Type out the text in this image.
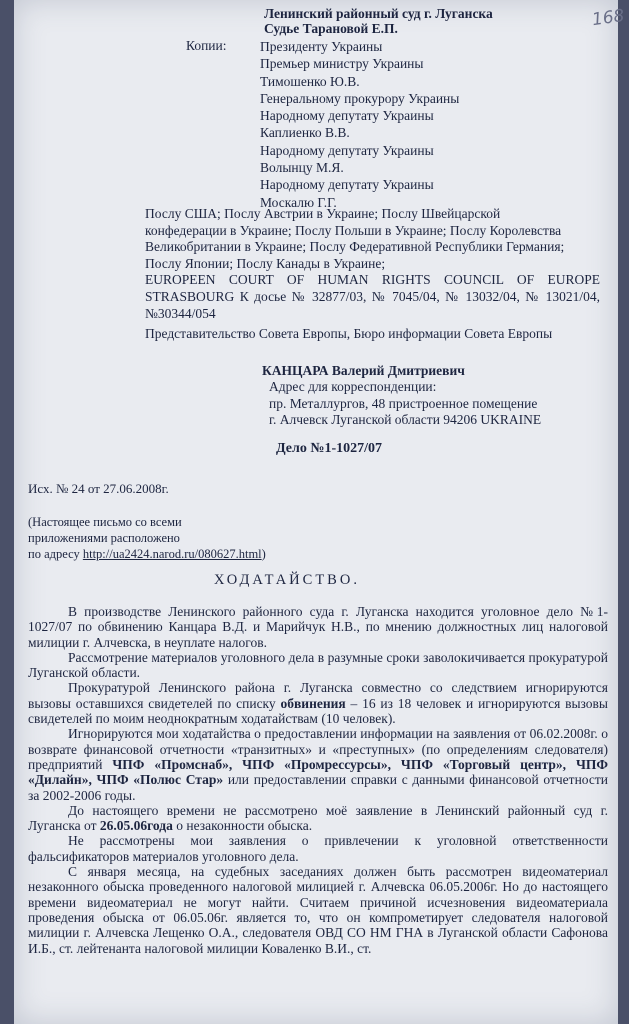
168
Ленинский районный суд г. Луганска
Судье Тарановой Е.П.
Копии: Президенту Украины
Премьер министру Украины
Тимошенко Ю.В.
Генеральному прокурору Украины
Народному депутату Украины
Каплиенко В.В.
Народному депутату Украины
Волынцу М.Я.
Народному депутату Украины
Москалю Г.Г.
Послу США; Послу Австрии в Украине; Послу Швейцарской
конфедерации в Украине; Послу Польши в Украине; Послу Королевства
Великобритании в Украине; Послу Федеративной Республики Германия;
Послу Японии; Послу Канады в Украине;
EUROPEEN COURT OF HUMAN RIGHTS COUNCIL OF EUROPE
STRASBOURG К досье № 32877/03, № 7045/04, № 13032/04, № 13021/04,
№30344/054
Представительство Совета Европы, Бюро информации Совета Европы
КАНЦАРА Валерий Дмитриевич
Адрес для корреспонденции:
пр. Металлургов, 48 пристроенное помещение
г. Алчевск Луганской области 94206 UKRAINE
Дело №1-1027/07
Исх. № 24 от 27.06.2008г.
(Настоящее письмо со всеми
приложениями расположено
по адресу http://ua2424.narod.ru/080627.html)
ХОДАТАЙСТВО.

В производстве Ленинского районного суда г. Луганска находится уголовное дело №1-1027/07 по обвинению Канцара В.Д. и Марийчук Н.В., по мнению должностных лиц налоговой милиции г. Алчевска, в неуплате налогов.

Рассмотрение материалов уголовного дела в разумные сроки заволокичивается прокуратурой Луганской области.

Прокуратурой Ленинского района г. Луганска совместно со следствием игнорируются вызовы оставшихся свидетелей по списку обвинения – 16 из 18 человек и игнорируются вызовы свидетелей по моим неоднократным ходатайствам (10 человек).

Игнорируются мои ходатайства о предоставлении информации на заявления от 06.02.2008г. о возврате финансовой отчетности «транзитных» и «преступных» (по определениям следователя) предприятий ЧПФ «Промснаб», ЧПФ «Промрессурсы», ЧПФ «Торговый центр», ЧПФ «Дилайн», ЧПФ «Полюс Стар» или предоставлении справки с данными финансовой отчетности за 2002-2006 годы.

До настоящего времени не рассмотрено моё заявление в Ленинский районный суд г. Луганска от 26.05.06года о незаконности обыска.

Не рассмотрены мои заявления о привлечении к уголовной ответственности фальсификаторов материалов уголовного дела.

С января месяца, на судебных заседаниях должен быть рассмотрен видеоматериал незаконного обыска проведенного налоговой милицией г. Алчевска 06.05.2006г. Но до настоящего времени видеоматериал не могут найти. Считаем причиной исчезновения видеоматериала проведения обыска от 06.05.06г. является то, что он компрометирует следователя налоговой милиции г. Алчевска Лещенко О.А., следователя ОВД СО НМ ГНА в Луганской области Сафонова И.Б., ст. лейтенанта налоговой милиции Коваленко В.И., ст.
